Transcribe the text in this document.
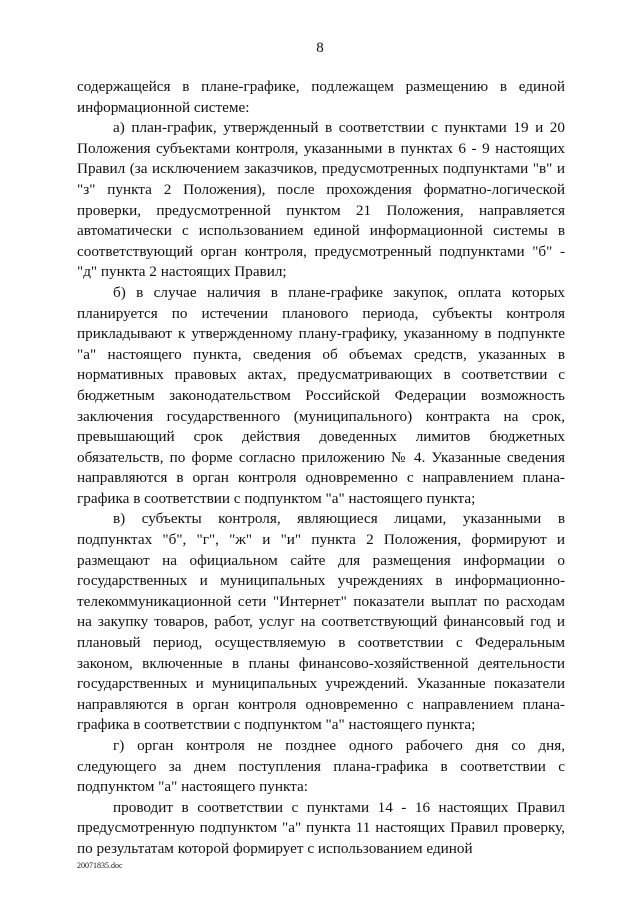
8

содержащейся в плане-графике, подлежащем размещению в единой информационной системе:

а) план-график, утвержденный в соответствии с пунктами 19 и 20 Положения субъектами контроля, указанными в пунктах 6 - 9 настоящих Правил (за исключением заказчиков, предусмотренных подпунктами "в" и "з" пункта 2 Положения), после прохождения форматно-логической проверки, предусмотренной пунктом 21 Положения, направляется автоматически с использованием единой информационной системы в соответствующий орган контроля, предусмотренный подпунктами "б" - "д" пункта 2 настоящих Правил;

б) в случае наличия в плане-графике закупок, оплата которых планируется по истечении планового периода, субъекты контроля прикладывают к утвержденному плану-графику, указанному в подпункте "а" настоящего пункта, сведения об объемах средств, указанных в нормативных правовых актах, предусматривающих в соответствии с бюджетным законодательством Российской Федерации возможность заключения государственного (муниципального) контракта на срок, превышающий срок действия доведенных лимитов бюджетных обязательств, по форме согласно приложению № 4. Указанные сведения направляются в орган контроля одновременно с направлением плана-графика в соответствии с подпунктом "а" настоящего пункта;

в) субъекты контроля, являющиеся лицами, указанными в подпунктах "б", "г", "ж" и "и" пункта 2 Положения, формируют и размещают на официальном сайте для размещения информации о государственных и муниципальных учреждениях в информационно-телекоммуникационной сети "Интернет" показатели выплат по расходам на закупку товаров, работ, услуг на соответствующий финансовый год и плановый период, осуществляемую в соответствии с Федеральным законом, включенные в планы финансово-хозяйственной деятельности государственных и муниципальных учреждений. Указанные показатели направляются в орган контроля одновременно с направлением плана-графика в соответствии с подпунктом "а" настоящего пункта;

г) орган контроля не позднее одного рабочего дня со дня, следующего за днем поступления плана-графика в соответствии с подпунктом "а" настоящего пункта:

проводит в соответствии с пунктами 14 - 16 настоящих Правил предусмотренную подпунктом "а" пункта 11 настоящих Правил проверку, по результатам которой формирует с использованием единой

20071835.doc
